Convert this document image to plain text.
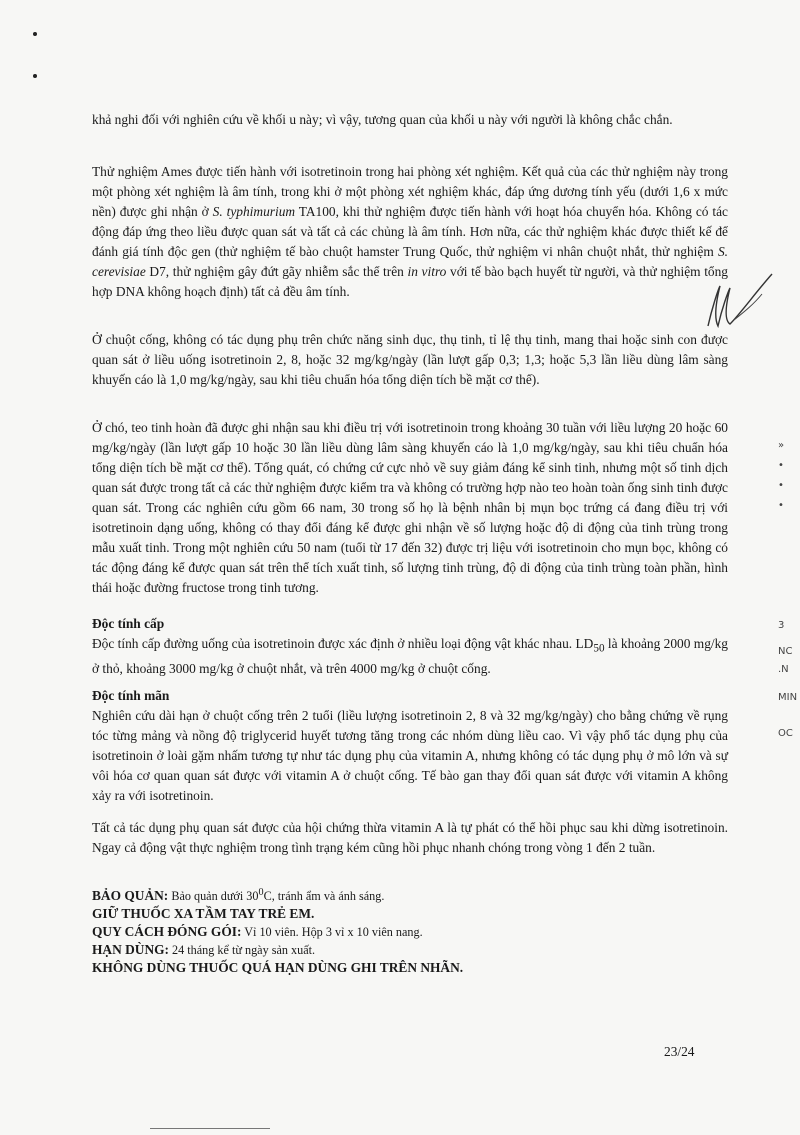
khả nghi đối với nghiên cứu về khối u này; vì vậy, tương quan của khối u này với người là không chắc chắn.

Thử nghiệm Ames được tiến hành với isotretinoin trong hai phòng xét nghiệm. Kết quả của các thử nghiệm này trong một phòng xét nghiệm là âm tính, trong khi ở một phòng xét nghiệm khác, đáp ứng dương tính yếu (dưới 1,6 x mức nền) được ghi nhận ở S. typhimurium TA100, khi thử nghiệm được tiến hành với hoạt hóa chuyển hóa. Không có tác động đáp ứng theo liều được quan sát và tất cả các chủng là âm tính. Hơn nữa, các thử nghiệm khác được thiết kế để đánh giá tính độc gen (thử nghiệm tế bào chuột hamster Trung Quốc, thử nghiệm vi nhân chuột nhắt, thử nghiệm S. cerevisiae D7, thử nghiệm gây đứt gãy nhiễm sắc thể trên in vitro với tế bào bạch huyết từ người, và thử nghiệm tổng hợp DNA không hoạch định) tất cả đều âm tính.

Ở chuột cống, không có tác dụng phụ trên chức năng sinh dục, thụ tinh, tỉ lệ thụ tinh, mang thai hoặc sinh con được quan sát ở liều uống isotretinoin 2, 8, hoặc 32 mg/kg/ngày (lần lượt gấp 0,3; 1,3; hoặc 5,3 lần liều dùng lâm sàng khuyến cáo là 1,0 mg/kg/ngày, sau khi tiêu chuẩn hóa tổng diện tích bề mặt cơ thể).

Ở chó, teo tinh hoàn đã được ghi nhận sau khi điều trị với isotretinoin trong khoảng 30 tuần với liều lượng 20 hoặc 60 mg/kg/ngày (lần lượt gấp 10 hoặc 30 lần liều dùng lâm sàng khuyến cáo là 1,0 mg/kg/ngày, sau khi tiêu chuẩn hóa tổng diện tích bề mặt cơ thể). Tổng quát, có chứng cứ cực nhỏ về suy giảm đáng kể sinh tinh, nhưng một số tinh dịch quan sát được trong tất cả các thử nghiệm được kiểm tra và không có trường hợp nào teo hoàn toàn ống sinh tinh được quan sát. Trong các nghiên cứu gồm 66 nam, 30 trong số họ là bệnh nhân bị mụn bọc trứng cá đang điều trị với isotretinoin dạng uống, không có thay đổi đáng kể được ghi nhận về số lượng hoặc độ di động của tinh trùng trong mẫu xuất tinh. Trong một nghiên cứu 50 nam (tuổi từ 17 đến 32) được trị liệu với isotretinoin cho mụn bọc, không có tác động đáng kể được quan sát trên thể tích xuất tinh, số lượng tinh trùng, độ di động của tinh trùng toàn phần, hình thái hoặc đường fructose trong tinh tương.

Độc tính cấp

Độc tính cấp đường uống của isotretinoin được xác định ở nhiều loại động vật khác nhau. $LD_{50}$ là khoảng 2000 mg/kg ở thỏ, khoảng 3000 mg/kg ở chuột nhắt, và trên 4000 mg/kg ở chuột cống.

Độc tính mãn

Nghiên cứu dài hạn ở chuột cống trên 2 tuổi (liều lượng isotretinoin 2, 8 và 32 mg/kg/ngày) cho bằng chứng về rụng tóc từng mảng và nồng độ triglycerid huyết tương tăng trong các nhóm dùng liều cao. Vì vậy phổ tác dụng phụ của isotretinoin ở loài gặm nhấm tương tự như tác dụng phụ của vitamin A, nhưng không có tác dụng phụ ở mô lớn và sự vôi hóa cơ quan quan sát được với vitamin A ở chuột cống. Tế bào gan thay đổi quan sát được với vitamin A không xảy ra với isotretinoin.

Tất cả tác dụng phụ quan sát được của hội chứng thừa vitamin A là tự phát có thể hồi phục sau khi dừng isotretinoin. Ngay cả động vật thực nghiệm trong tình trạng kém cũng hồi phục nhanh chóng trong vòng 1 đến 2 tuần.

BẢO QUẢN: Bảo quản dưới $30^0C$, tránh ẩm và ánh sáng.
GIỮ THUỐC XA TẦM TAY TRẺ EM.
QUY CÁCH ĐÓNG GÓI: Vỉ 10 viên. Hộp 3 vỉ x 10 viên nang.
HẠN DÙNG: 24 tháng kể từ ngày sản xuất.
KHÔNG DÙNG THUỐC QUÁ HẠN DÙNG GHI TRÊN NHÃN.
23/24
»
•
•
•
3
NC
.N
MIN
OC
